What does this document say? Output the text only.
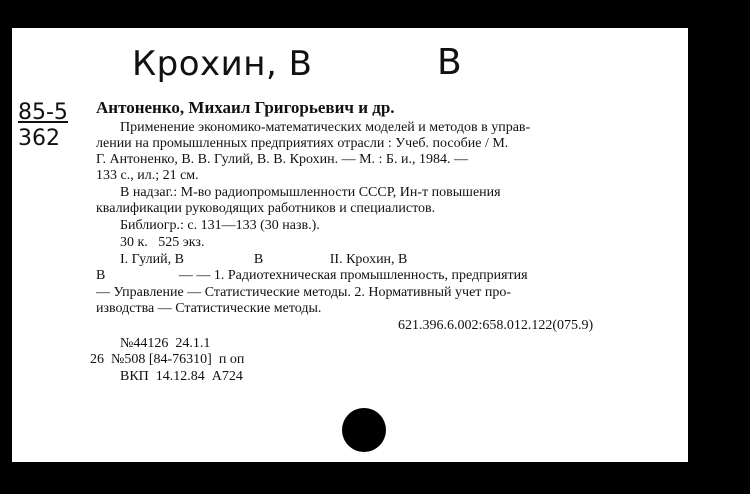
Крохин, В	В
85-5
362
Антоненко, Михаил Григорьевич и др.
Применение экономико-математических моделей и методов в управ-
лении на промышленных предприятиях отрасли : Учеб. пособие / М.
Г. Антоненко, В. В. Гулий, В. В. Крохин. — М. : Б. и., 1984. —
133 с., ил.; 21 см.
В надзаг.: М-во радиопромышленности СССР, Ин-т повышения
квалификации руководящих работников и специалистов.
Библиогр.: с. 131—133 (30 назв.).
30 к.   525 экз.
I. Гулий, В                    В                   II. Крохин, В
В                     — — 1. Радиотехническая промышленность, предприятия
— Управление — Статистические методы. 2. Нормативный учет про-
изводства — Статистические методы.
621.396.6.002:658.012.122(075.9)
№44126  24.1.1
26  №508 [84-76310]  п оп
ВКП  14.12.84  А724
